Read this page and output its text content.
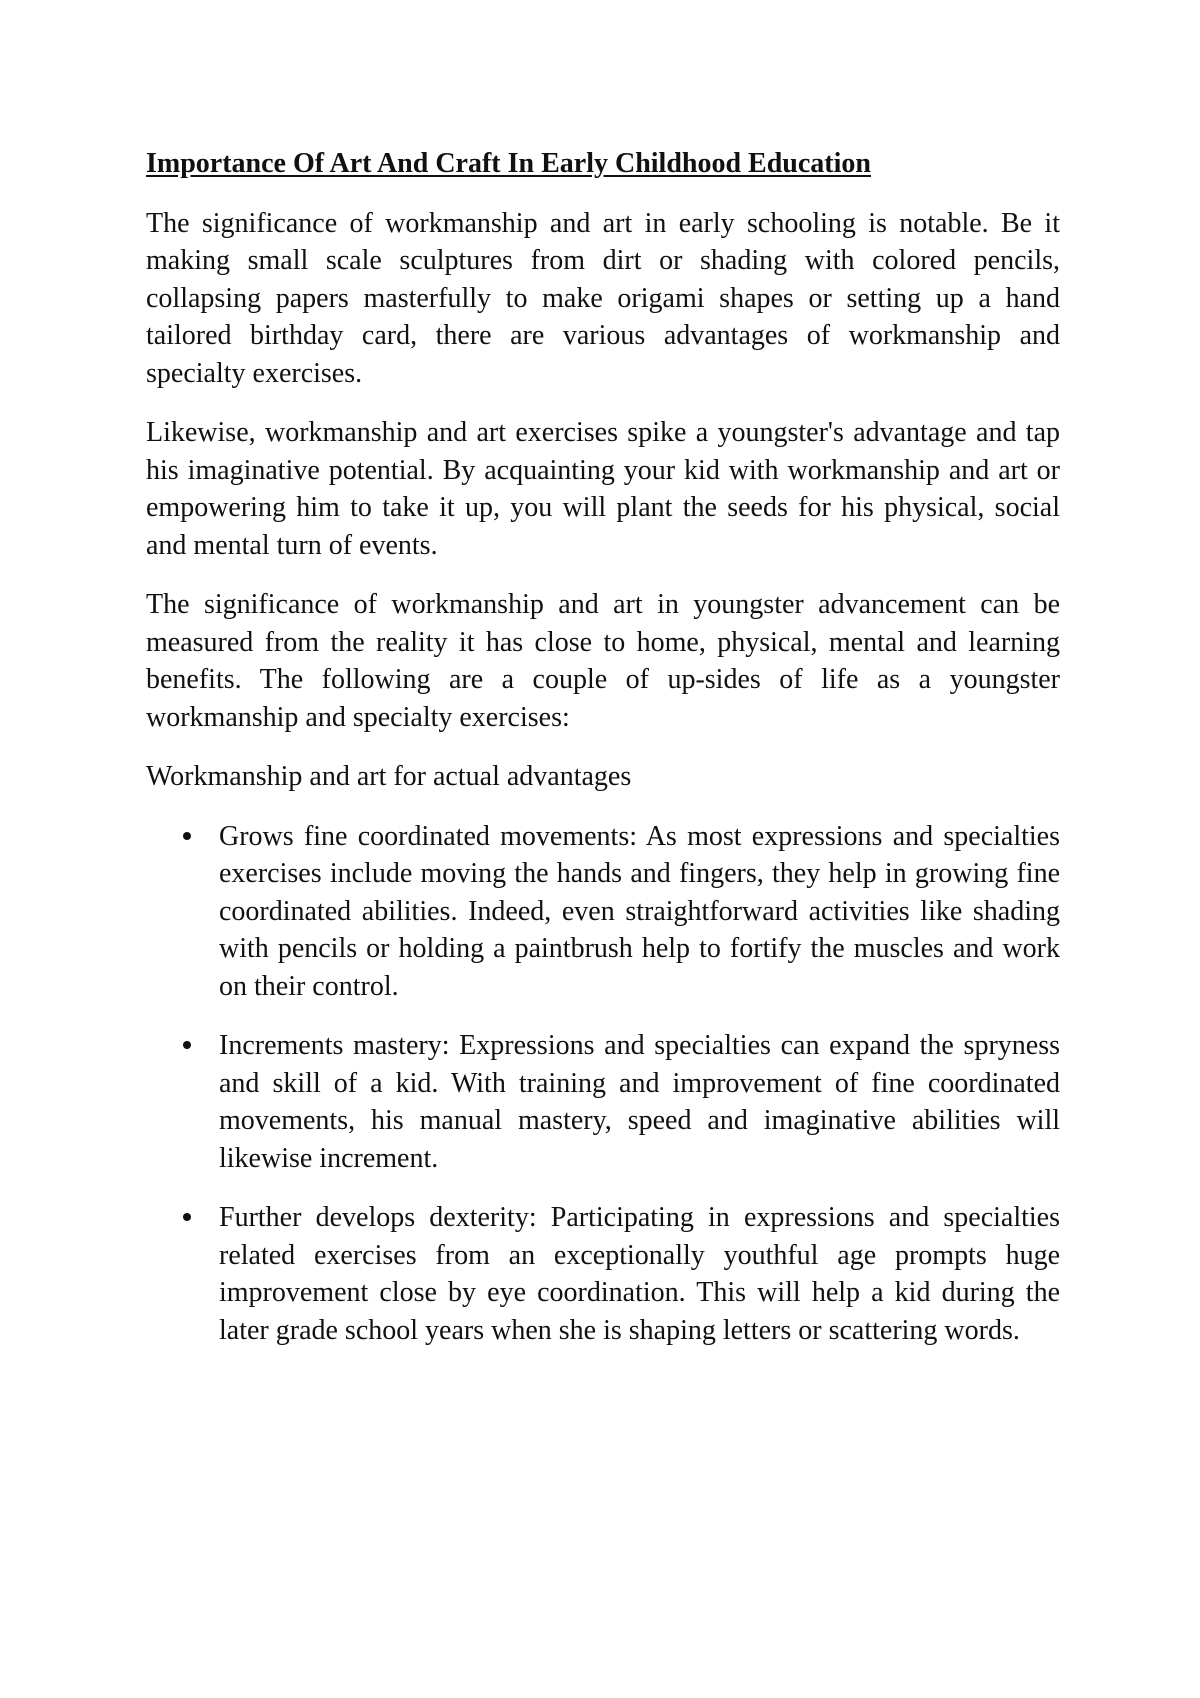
Importance Of Art And Craft In Early Childhood Education

The significance of workmanship and art in early schooling is notable. Be it making small scale sculptures from dirt or shading with colored pencils, collapsing papers masterfully to make origami shapes or setting up a hand tailored birthday card, there are various advantages of workmanship and specialty exercises.

Likewise, workmanship and art exercises spike a youngster's advantage and tap his imaginative potential. By acquainting your kid with workmanship and art or empowering him to take it up, you will plant the seeds for his physical, social and mental turn of events.

The significance of workmanship and art in youngster advancement can be measured from the reality it has close to home, physical, mental and learning benefits. The following are a couple of up-sides of life as a youngster workmanship and specialty exercises:

Workmanship and art for actual advantages

Grows fine coordinated movements: As most expressions and specialties exercises include moving the hands and fingers, they help in growing fine coordinated abilities. Indeed, even straightforward activities like shading with pencils or holding a paintbrush help to fortify the muscles and work on their control.
Increments mastery: Expressions and specialties can expand the spryness and skill of a kid. With training and improvement of fine coordinated movements, his manual mastery, speed and imaginative abilities will likewise increment.
Further develops dexterity: Participating in expressions and specialties related exercises from an exceptionally youthful age prompts huge improvement close by eye coordination. This will help a kid during the later grade school years when she is shaping letters or scattering words.
